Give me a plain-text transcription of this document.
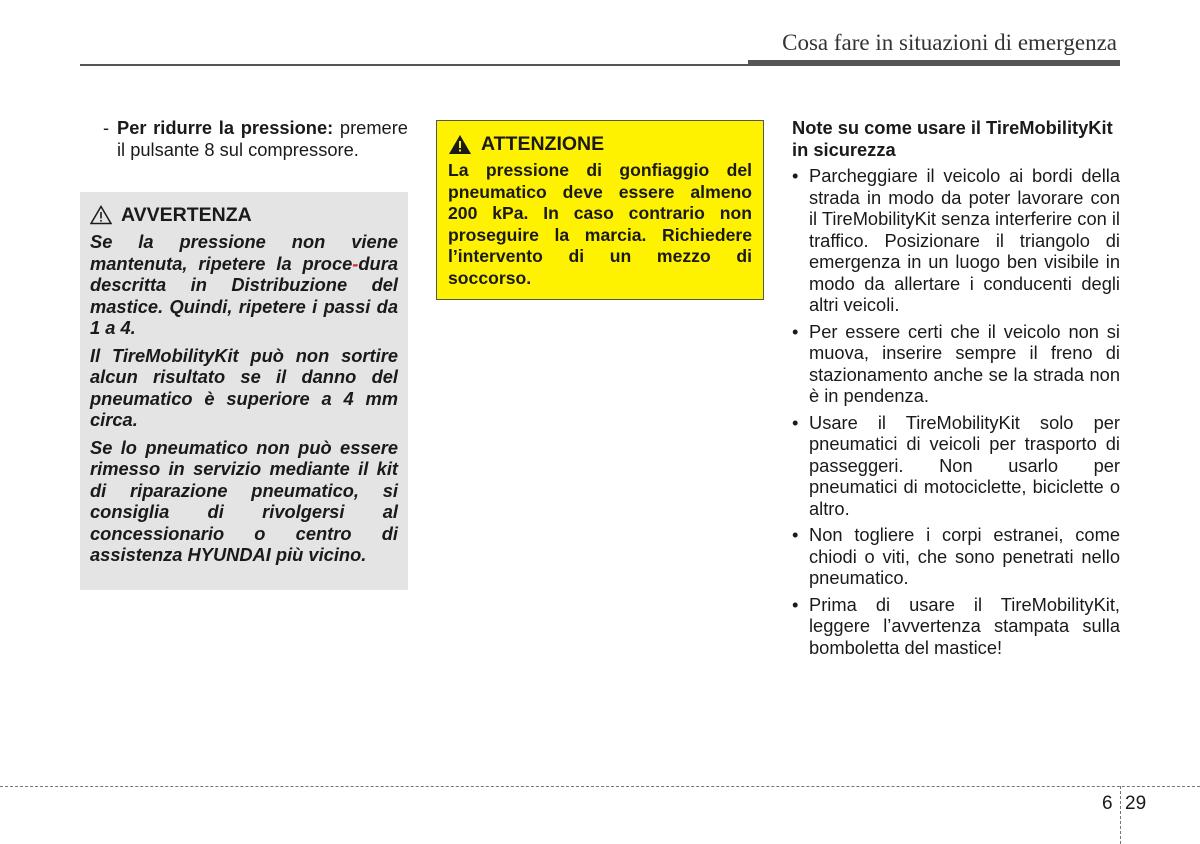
Cosa fare in situazioni di emergenza
- Per ridurre la pressione: premere il pulsante 8 sul compressore.
AVVERTENZA

Se la pressione non viene mantenuta, ripetere la proce-dura descritta in Distribuzione del mastice. Quindi, ripetere i passi da 1 a 4.

Il TireMobilityKit può non sortire alcun risultato se il danno del pneumatico è superiore a 4 mm circa.

Se lo pneumatico non può essere rimesso in servizio mediante il kit di riparazione pneumatico, si consiglia di rivolgersi al concessionario o centro di assistenza HYUNDAI più vicino.

ATTENZIONE

La pressione di gonfiaggio del pneumatico deve essere almeno 200 kPa. In caso contrario non proseguire la marcia. Richiedere l’intervento di un mezzo di soccorso.

Note su come usare il TireMobilityKit in sicurezza
• Parcheggiare il veicolo ai bordi della strada in modo da poter lavorare con il TireMobilityKit senza interferire con il traffico. Posizionare il triangolo di emergenza in un luogo ben visibile in modo da allertare i conducenti degli altri veicoli.
• Per essere certi che il veicolo non si muova, inserire sempre il freno di stazionamento anche se la strada non è in pendenza.
• Usare il TireMobilityKit solo per pneumatici di veicoli per trasporto di passeggeri. Non usarlo per pneumatici di motociclette, biciclette o altro.
• Non togliere i corpi estranei, come chiodi o viti, che sono penetrati nello pneumatico.
• Prima di usare il TireMobilityKit, leggere l’avvertenza stampata sulla bomboletta del mastice!
6 29
